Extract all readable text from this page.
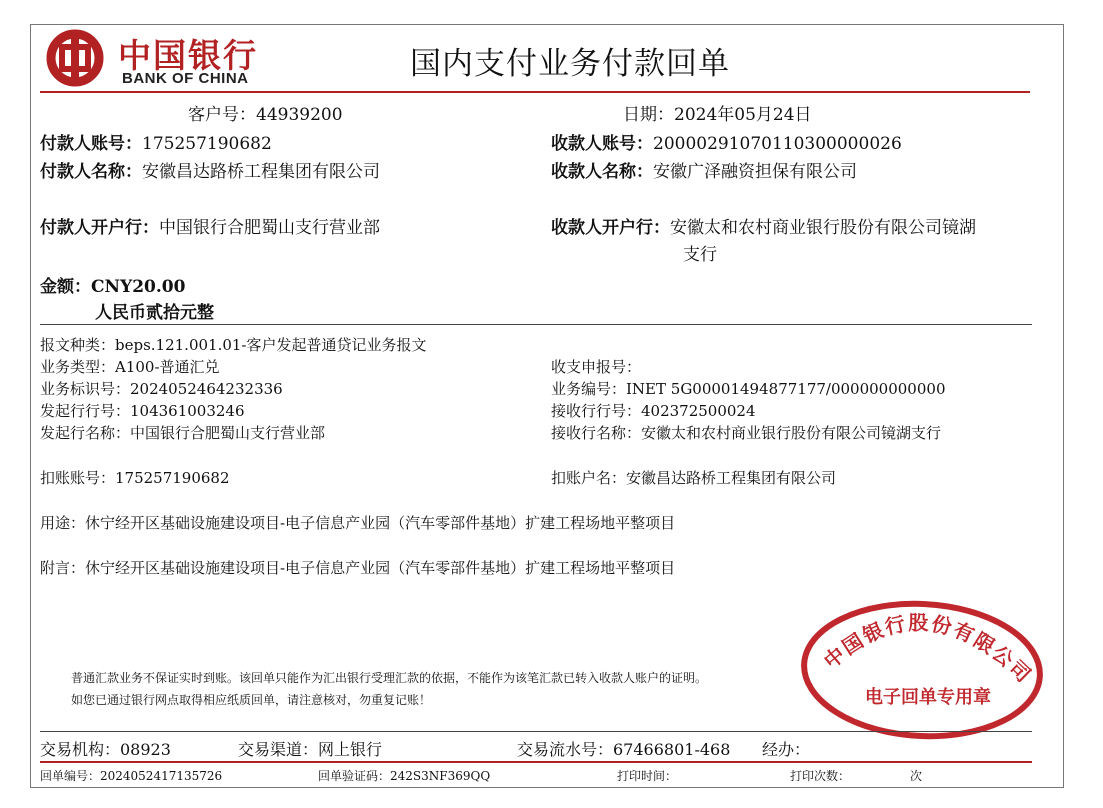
中国银行
BANK OF CHINA	国内支付业务付款回单
客户号：44939200	日期：2024年05月24日
付款人账号：175257190682	收款人账号：20000291070110300000026
付款人名称：安徽昌达路桥工程集团有限公司	收款人名称：安徽广泽融资担保有限公司
付款人开户行：中国银行合肥蜀山支行营业部	收款人开户行：安徽太和农村商业银行股份有限公司镜湖
支行
金额：CNY20.00
人民币贰拾元整
报文种类：beps.121.001.01-客户发起普通贷记业务报文
业务类型：A100-普通汇兑	收支申报号：
业务标识号：2024052464232336	业务编号：INET 5G00001494877177/000000000000
发起行行号：104361003246	接收行行号：402372500024
发起行名称：中国银行合肥蜀山支行营业部	接收行名称：安徽太和农村商业银行股份有限公司镜湖支行
扣账账号：175257190682	扣账户名：安徽昌达路桥工程集团有限公司
用途：休宁经开区基础设施建设项目-电子信息产业园（汽车零部件基地）扩建工程场地平整项目
附言：休宁经开区基础设施建设项目-电子信息产业园（汽车零部件基地）扩建工程场地平整项目
普通汇款业务不保证实时到账。该回单只能作为汇出银行受理汇款的依据，不能作为该笔汇款已转入收款人账户的证明。
如您已通过银行网点取得相应纸质回单，请注意核对，勿重复记账！
中国银行股份有限公司
电子回单专用章
交易机构：08923	交易渠道：网上银行	交易流水号：67466801-468 经办：
回单编号：2024052417135726	回单验证码：242S3NF369QQ	打印时间：	打印次数：	次
